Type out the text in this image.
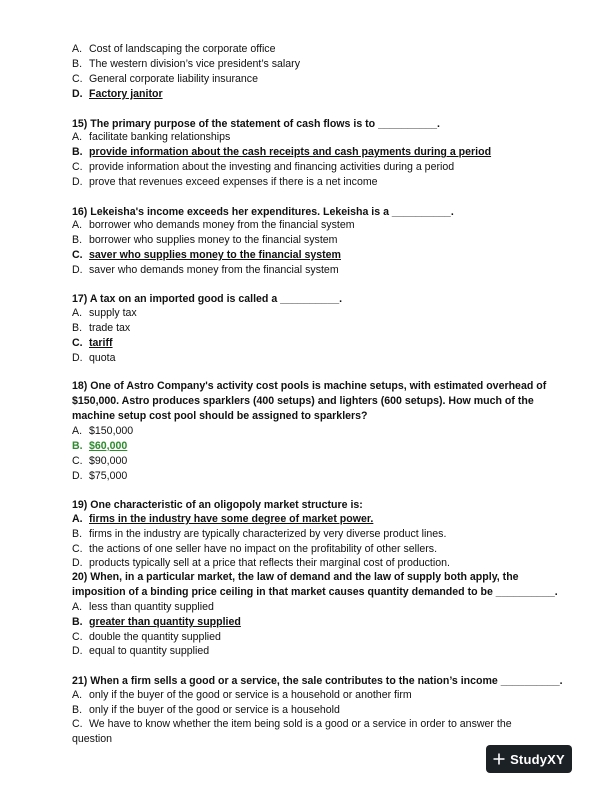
A. Cost of landscaping the corporate office
B. The western division’s vice president’s salary
C. General corporate liability insurance
D. Factory janitor
15) The primary purpose of the statement of cash flows is to __________.
A. facilitate banking relationships
B. provide information about the cash receipts and cash payments during a period
C. provide information about the investing and financing activities during a period
D. prove that revenues exceed expenses if there is a net income
16) Lekeisha's income exceeds her expenditures. Lekeisha is a __________.
A. borrower who demands money from the financial system
B. borrower who supplies money to the financial system
C. saver who supplies money to the financial system
D. saver who demands money from the financial system
17) A tax on an imported good is called a __________.
A. supply tax
B. trade tax
C. tariff
D. quota
18) One of Astro Company's activity cost pools is machine setups, with estimated overhead of
$150,000. Astro produces sparklers (400 setups) and lighters (600 setups). How much of the
machine setup cost pool should be assigned to sparklers?
A. $150,000
B. $60,000
C. $90,000
D. $75,000
19) One characteristic of an oligopoly market structure is:
A. firms in the industry have some degree of market power.
B. firms in the industry are typically characterized by very diverse product lines.
C. the actions of one seller have no impact on the profitability of other sellers.
D. products typically sell at a price that reflects their marginal cost of production.
20) When, in a particular market, the law of demand and the law of supply both apply, the
imposition of a binding price ceiling in that market causes quantity demanded to be __________.
A. less than quantity supplied
B. greater than quantity supplied
C. double the quantity supplied
D. equal to quantity supplied
21) When a firm sells a good or a service, the sale contributes to the nation’s income __________.
A. only if the buyer of the good or service is a household or another firm
B. only if the buyer of the good or service is a household
C. We have to know whether the item being sold is a good or a service in order to answer the
question
StudyXY
